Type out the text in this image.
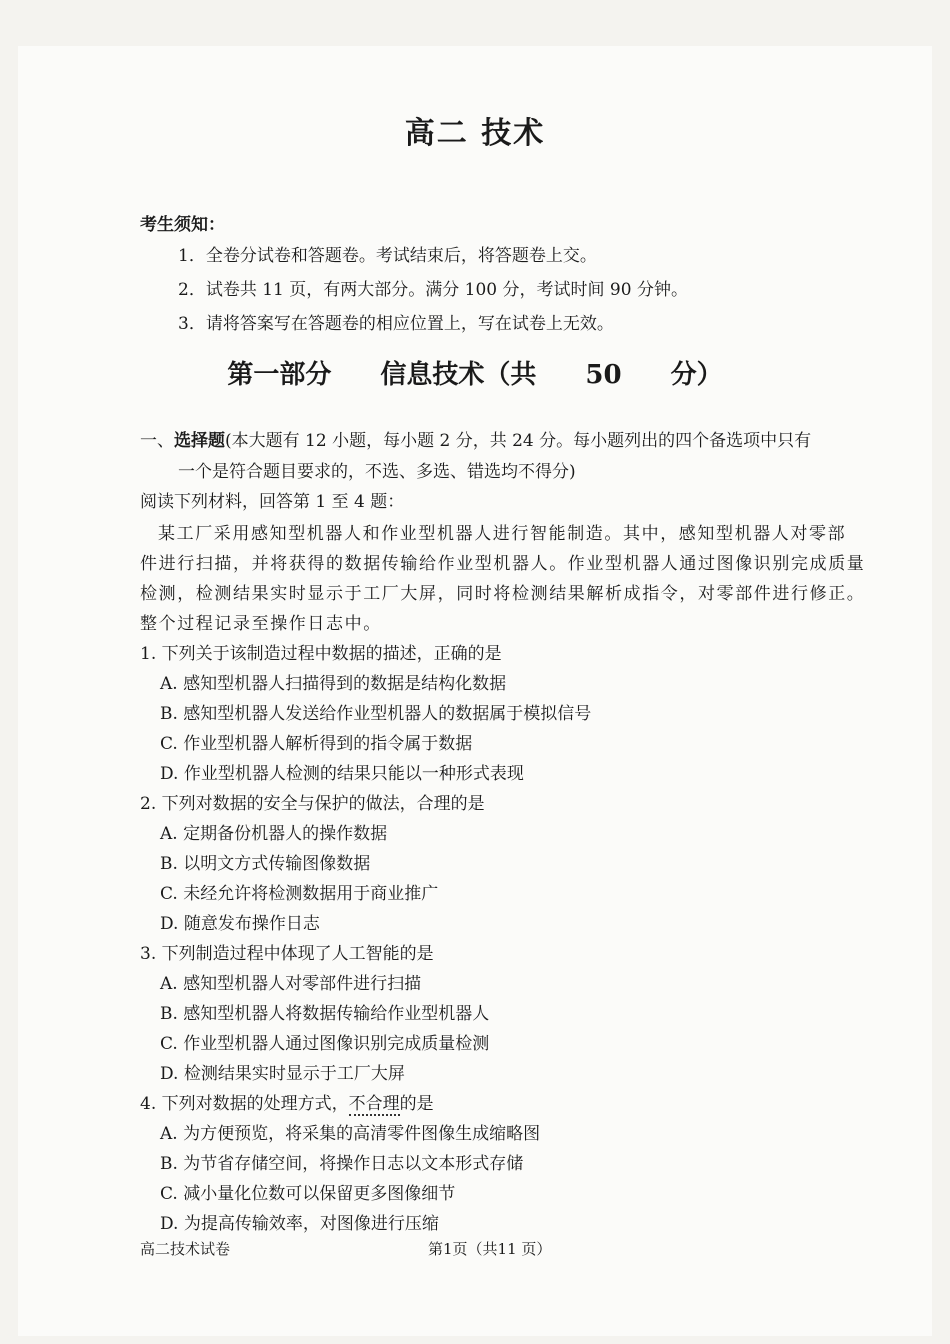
高二 技术
考生须知：
1．全卷分试卷和答题卷。考试结束后，将答题卷上交。
2．试卷共 11 页，有两大部分。满分 100 分，考试时间 90 分钟。
3．请将答案写在答题卷的相应位置上，写在试卷上无效。
第一部分 信息技术（共 50 分）
一、选择题(本大题有 12 小题，每小题 2 分，共 24 分。每小题列出的四个备选项中只有
一个是符合题目要求的，不选、多选、错选均不得分)
阅读下列材料，回答第 1 至 4 题：
某工厂采用感知型机器人和作业型机器人进行智能制造。其中，感知型机器人对零部
件进行扫描，并将获得的数据传输给作业型机器人。作业型机器人通过图像识别完成质量
检测，检测结果实时显示于工厂大屏，同时将检测结果解析成指令，对零部件进行修正。
整个过程记录至操作日志中。
1. 下列关于该制造过程中数据的描述，正确的是
A. 感知型机器人扫描得到的数据是结构化数据
B. 感知型机器人发送给作业型机器人的数据属于模拟信号
C. 作业型机器人解析得到的指令属于数据
D. 作业型机器人检测的结果只能以一种形式表现
2. 下列对数据的安全与保护的做法，合理的是
A. 定期备份机器人的操作数据
B. 以明文方式传输图像数据
C. 未经允许将检测数据用于商业推广
D. 随意发布操作日志
3. 下列制造过程中体现了人工智能的是
A. 感知型机器人对零部件进行扫描
B. 感知型机器人将数据传输给作业型机器人
C. 作业型机器人通过图像识别完成质量检测
D. 检测结果实时显示于工厂大屏
4. 下列对数据的处理方式，不合理的是
A. 为方便预览，将采集的高清零件图像生成缩略图
B. 为节省存储空间，将操作日志以文本形式存储
C. 减小量化位数可以保留更多图像细节
D. 为提高传输效率，对图像进行压缩
高二技术试卷	第1页（共11 页）
